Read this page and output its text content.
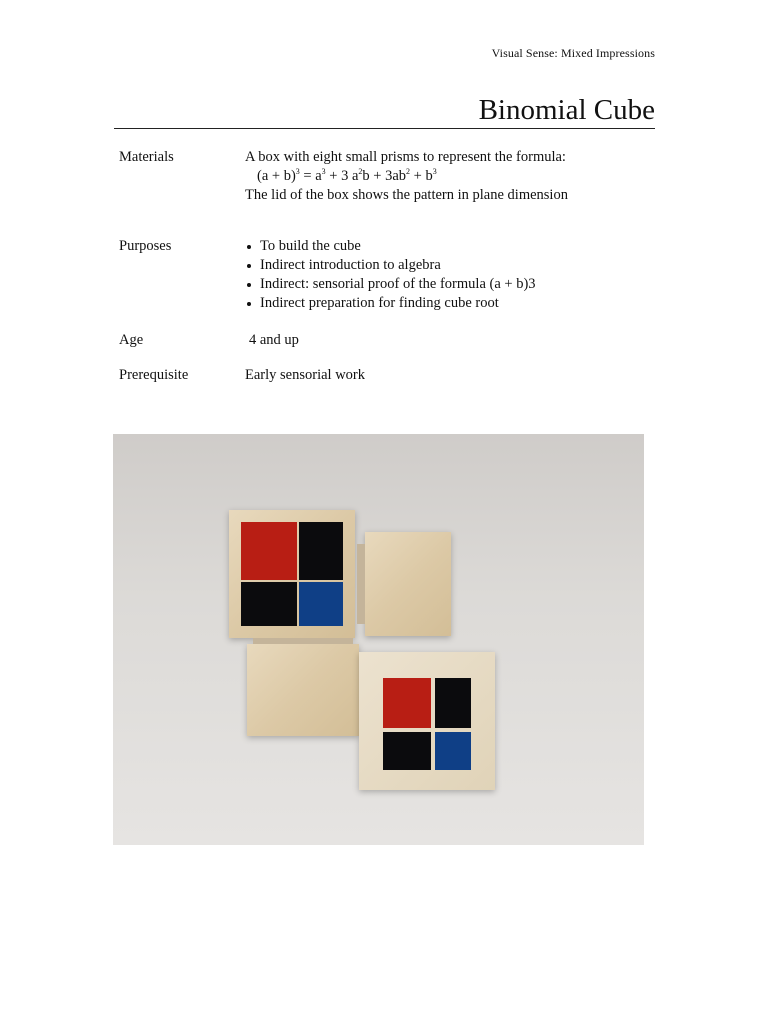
Visual Sense: Mixed Impressions
Binomial Cube
Materials	A box with eight small prisms to represent the formula:
$(a + b)^3 = a^3 + 3$ $a^2b + 3ab^2 + b^3$
The lid of the box shows the pattern in plane dimension
Purposes	To build the cube
Indirect introduction to algebra
Indirect: sensorial proof of the formula (a + b)3
Indirect preparation for finding cube root
Age	4 and up
Prerequisite	Early sensorial work
